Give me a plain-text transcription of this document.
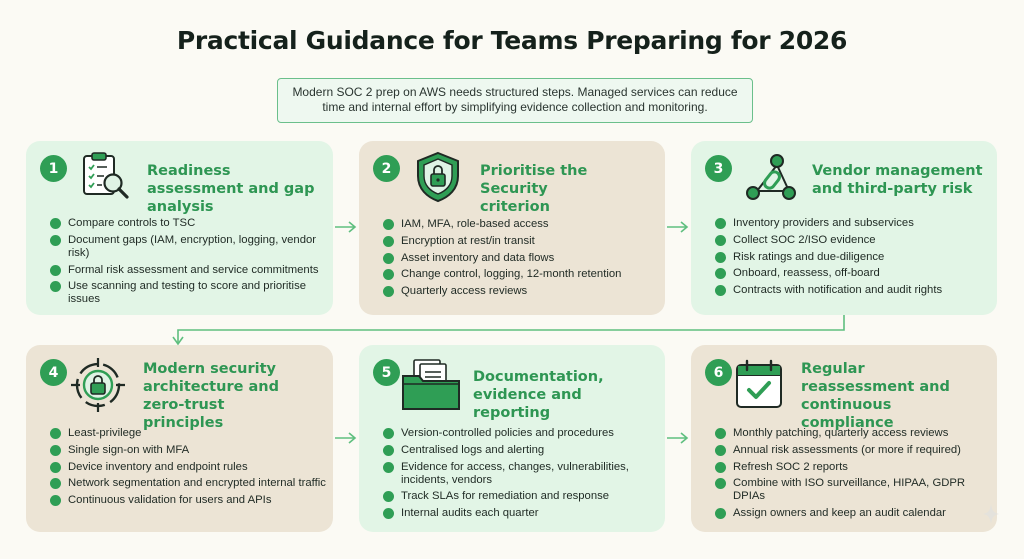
Practical Guidance for Teams Preparing for 2026
Modern SOC 2 prep on AWS needs structured steps. Managed services can reduce time and internal effort by simplifying evidence collection and monitoring.
1	Readiness assessment and gap analysis
Compare controls to TSC
Document gaps (IAM, encryption, logging, vendor risk)
Formal risk assessment and service commitments
Use scanning and testing to score and prioritise issues
2	Prioritise the Security criterion
IAM, MFA, role-based access
Encryption at rest/in transit
Asset inventory and data flows
Change control, logging, 12-month retention
Quarterly access reviews
3	Vendor management and third-party risk
Inventory providers and subservices
Collect SOC 2/ISO evidence
Risk ratings and due-diligence
Onboard, reassess, off-board
Contracts with notification and audit rights
4	Modern security architecture and zero-trust principles
Least-privilege
Single sign-on with MFA
Device inventory and endpoint rules
Network segmentation and encrypted internal traffic
Continuous validation for users and APIs
5	Documentation, evidence and reporting
Version-controlled policies and procedures
Centralised logs and alerting
Evidence for access, changes, vulnerabilities, incidents, vendors
Track SLAs for remediation and response
Internal audits each quarter
6	Regular reassessment and continuous compliance
Monthly patching, quarterly access reviews
Annual risk assessments (or more if required)
Refresh SOC 2 reports
Combine with ISO surveillance, HIPAA, GDPR DPIAs
Assign owners and keep an audit calendar
